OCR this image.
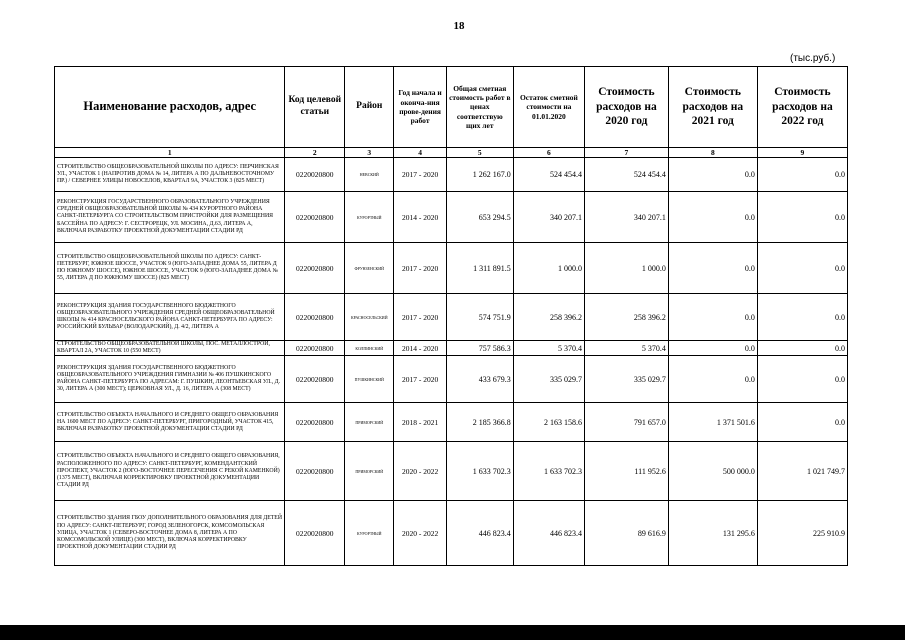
18
(тыс.руб.)
Наименование расходов, адрес	Код целевой статьи	Район	Год начала и оконча-ния прове-дения работ	Общая сметная стоимость работ в ценах соответствую щих лет	Остаток сметной стоимости на 01.01.2020	Стоимость расходов на 2020 год	Стоимость расходов на 2021 год	Стоимость расходов на 2022 год
1	2	3	4	5	6	7	8	9
СТРОИТЕЛЬСТВО ОБЩЕОБРАЗОВАТЕЛЬНОЙ ШКОЛЫ ПО АДРЕСУ: ПЕРЧИНСКАЯ УЛ., УЧАСТОК 1 (НАПРОТИВ ДОМА № 14, ЛИТЕРА А ПО ДАЛЬНЕВОСТОЧНОМУ ПР.) / СЕВЕРНЕЕ УЛИЦЫ НОВОСЕЛОВ, КВАРТАЛ 9А, УЧАСТОК 3 (825 МЕСТ)	0220020800	НЕВСКИЙ	2017 - 2020	1 262 167.0	524 454.4	524 454.4	0.0	0.0
РЕКОНСТРУКЦИЯ ГОСУДАРСТВЕННОГО ОБРАЗОВАТЕЛЬНОГО УЧРЕЖДЕНИЯ СРЕДНЕЙ ОБЩЕОБРАЗОВАТЕЛЬНОЙ ШКОЛЫ № 434 КУРОРТНОГО РАЙОНА САНКТ-ПЕТЕРБУРГА СО СТРОИТЕЛЬСТВОМ ПРИСТРОЙКИ ДЛЯ РАЗМЕЩЕНИЯ БАССЕЙНА ПО АДРЕСУ: Г. СЕСТРОРЕЦК, УЛ. МОСИНА, Д.63, ЛИТЕРА А, ВКЛЮЧАЯ РАЗРАБОТКУ ПРОЕКТНОЙ ДОКУМЕНТАЦИИ СТАДИИ РД	0220020800	КУРОРТНЫЙ	2014 - 2020	653 294.5	340 207.1	340 207.1	0.0	0.0
СТРОИТЕЛЬСТВО ОБЩЕОБРАЗОВАТЕЛЬНОЙ ШКОЛЫ ПО АДРЕСУ: САНКТ-ПЕТЕРБУРГ, ЮЖНОЕ ШОССЕ, УЧАСТОК 9 (ЮГО-ЗАПАДНЕЕ ДОМА 55, ЛИТЕРА Д ПО ЮЖНОМУ ШОССЕ), ЮЖНОЕ ШОССЕ, УЧАСТОК 9 (ЮГО-ЗАПАДНЕЕ ДОМА № 55, ЛИТЕРА Д ПО ЮЖНОМУ ШОССЕ) (825 МЕСТ)	0220020800	ФРУНЗЕНСКИЙ	2017 - 2020	1 311 891.5	1 000.0	1 000.0	0.0	0.0
РЕКОНСТРУКЦИЯ ЗДАНИЯ ГОСУДАРСТВЕННОГО БЮДЖЕТНОГО ОБЩЕОБРАЗОВАТЕЛЬНОГО УЧРЕЖДЕНИЯ СРЕДНЕЙ ОБЩЕОБРАЗОВАТЕЛЬНОЙ ШКОЛЫ № 414 КРАСНОСЕЛЬСКОГО РАЙОНА САНКТ-ПЕТЕРБУРГА ПО АДРЕСУ: РОССИЙСКИЙ БУЛЬВАР (ВОЛОДАРСКИЙ), Д. 4/2, ЛИТЕРА А	0220020800	КРАСНОСЕЛЬСКИЙ	2017 - 2020	574 751.9	258 396.2	258 396.2	0.0	0.0
СТРОИТЕЛЬСТВО ОБЩЕОБРАЗОВАТЕЛЬНОЙ ШКОЛЫ, ПОС. МЕТАЛЛОСТРОЙ, КВАРТАЛ 2А, УЧАСТОК 10 (550 МЕСТ)	0220020800	КОЛПИНСКИЙ	2014 - 2020	757 586.3	5 370.4	5 370.4	0.0	0.0
РЕКОНСТРУКЦИЯ ЗДАНИЯ ГОСУДАРСТВЕННОГО БЮДЖЕТНОГО ОБЩЕОБРАЗОВАТЕЛЬНОГО УЧРЕЖДЕНИЯ ГИМНАЗИИ № 406 ПУШКИНСКОГО РАЙОНА САНКТ-ПЕТЕРБУРГА ПО АДРЕСАМ: Г. ПУШКИН, ЛЕОНТЬЕВСКАЯ УЛ., Д. 30, ЛИТЕРА А (300 МЕСТ); ЦЕРКОВНАЯ УЛ., Д. 16, ЛИТЕРА А (308 МЕСТ)	0220020800	ПУШКИНСКИЙ	2017 - 2020	433 679.3	335 029.7	335 029.7	0.0	0.0
СТРОИТЕЛЬСТВО ОБЪЕКТА НАЧАЛЬНОГО И СРЕДНЕГО ОБЩЕГО ОБРАЗОВАНИЯ НА 1600 МЕСТ ПО АДРЕСУ: САНКТ-ПЕТЕРБУРГ, ПРИГОРОДНЫЙ, УЧАСТОК 415, ВКЛЮЧАЯ РАЗРАБОТКУ ПРОЕКТНОЙ ДОКУМЕНТАЦИИ СТАДИИ РД	0220020800	ПРИМОРСКИЙ	2018 - 2021	2 185 366.8	2 163 158.6	791 657.0	1 371 501.6	0.0
СТРОИТЕЛЬСТВО ОБЪЕКТА НАЧАЛЬНОГО И СРЕДНЕГО ОБЩЕГО ОБРАЗОВАНИЯ, РАСПОЛОЖЕННОГО ПО АДРЕСУ: САНКТ-ПЕТЕРБУРГ, КОМЕНДАНТСКИЙ ПРОСПЕКТ, УЧАСТОК 2 (ЮГО-ВОСТОЧНЕЕ ПЕРЕСЕЧЕНИЯ С РЕКОЙ КАМЕНКОЙ) (1375 МЕСТ), ВКЛЮЧАЯ КОРРЕКТИРОВКУ ПРОЕКТНОЙ ДОКУМЕНТАЦИИ СТАДИИ РД	0220020800	ПРИМОРСКИЙ	2020 - 2022	1 633 702.3	1 633 702.3	111 952.6	500 000.0	1 021 749.7
СТРОИТЕЛЬСТВО ЗДАНИЯ ГБОУ ДОПОЛНИТЕЛЬНОГО ОБРАЗОВАНИЯ ДЛЯ ДЕТЕЙ ПО АДРЕСУ: САНКТ-ПЕТЕРБУРГ, ГОРОД ЗЕЛЕНОГОРСК, КОМСОМОЛЬСКАЯ УЛИЦА, УЧАСТОК 1 (СЕВЕРО-ВОСТОЧНЕЕ ДОМА 8, ЛИТЕРА А ПО КОМСОМОЛЬСКОЙ УЛИЦЕ) (300 МЕСТ), ВКЛЮЧАЯ КОРРЕКТИРОВКУ ПРОЕКТНОЙ ДОКУМЕНТАЦИИ СТАДИИ РД	0220020800	КУРОРТНЫЙ	2020 - 2022	446 823.4	446 823.4	89 616.9	131 295.6	225 910.9
